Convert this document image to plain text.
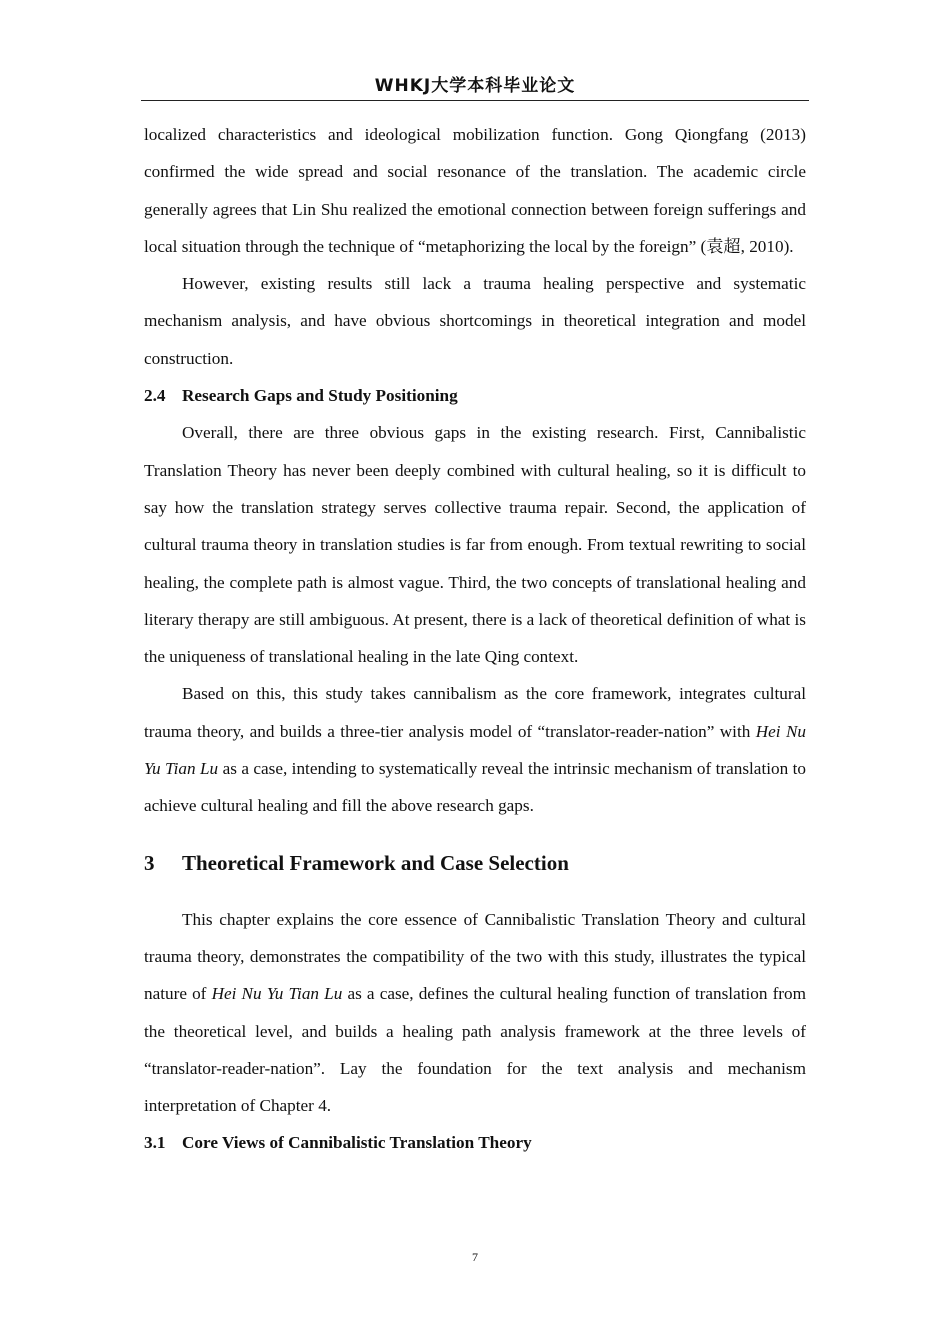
WHKJ大学本科毕业论文

localized characteristics and ideological mobilization function. Gong Qiongfang (2013) confirmed the wide spread and social resonance of the translation. The academic circle generally agrees that Lin Shu realized the emotional connection between foreign sufferings and local situation through the technique of “metaphorizing the local by the foreign” (袁超, 2010).

However, existing results still lack a trauma healing perspective and systematic mechanism analysis, and have obvious shortcomings in theoretical integration and model construction.

2.4 Research Gaps and Study Positioning

Overall, there are three obvious gaps in the existing research. First, Cannibalistic Translation Theory has never been deeply combined with cultural healing, so it is difficult to say how the translation strategy serves collective trauma repair. Second, the application of cultural trauma theory in translation studies is far from enough. From textual rewriting to social healing, the complete path is almost vague. Third, the two concepts of translational healing and literary therapy are still ambiguous. At present, there is a lack of theoretical definition of what is the uniqueness of translational healing in the late Qing context.

Based on this, this study takes cannibalism as the core framework, integrates cultural trauma theory, and builds a three-tier analysis model of “translator-reader-nation” with Hei Nu Yu Tian Lu as a case, intending to systematically reveal the intrinsic mechanism of translation to achieve cultural healing and fill the above research gaps.

3 Theoretical Framework and Case Selection

This chapter explains the core essence of Cannibalistic Translation Theory and cultural trauma theory, demonstrates the compatibility of the two with this study, illustrates the typical nature of Hei Nu Yu Tian Lu as a case, defines the cultural healing function of translation from the theoretical level, and builds a healing path analysis framework at the three levels of “translator-reader-nation”. Lay the foundation for the text analysis and mechanism interpretation of Chapter 4.

3.1 Core Views of Cannibalistic Translation Theory
7
